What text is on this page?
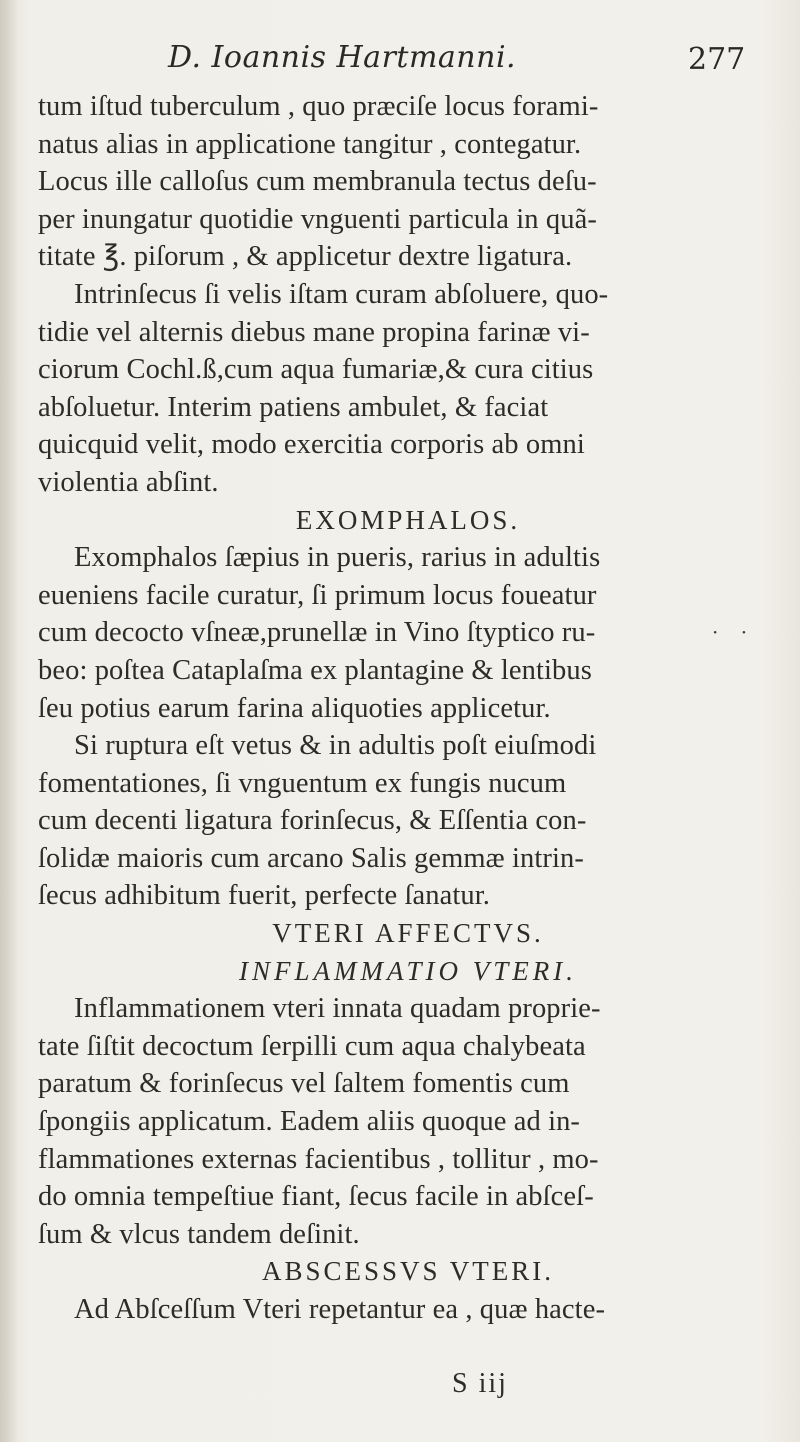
D. Ioannis Hartmanni.	277
tum iſtud tuberculum , quo præciſe locus forami-
natus alias in applicatione tangitur , contegatur.
Locus ille calloſus cum membranula tectus deſu-
per inungatur quotidie vnguenti particula in quã-
titate ℥. piſorum , & applicetur dextre ligatura.
Intrinſecus ſi velis iſtam curam abſoluere, quo-
tidie vel alternis diebus mane propina farinæ vi-
ciorum Cochl.ß,cum aqua fumariæ,& cura citius
abſoluetur. Interim patiens ambulet, & faciat
quicquid velit, modo exercitia corporis ab omni
violentia abſint.
EXOMPHALOS.
Exomphalos ſæpius in pueris, rarius in adultis
eueniens facile curatur, ſi primum locus foueatur
cum decocto vſneæ,prunellæ in Vino ſtyptico ru-
beo: poſtea Cataplaſma ex plantagine & lentibus
ſeu potius earum farina aliquoties applicetur.
Si ruptura eſt vetus & in adultis poſt eiuſmodi
fomentationes, ſi vnguentum ex fungis nucum
cum decenti ligatura forinſecus, & Eſſentia con-
ſolidæ maioris cum arcano Salis gemmæ intrin-
ſecus adhibitum fuerit, perfecte ſanatur.
VTERI AFFECTVS.
INFLAMMATIO VTERI.
Inflammationem vteri innata quadam proprie-
tate ſiſtit decoctum ſerpilli cum aqua chalybeata
paratum & forinſecus vel ſaltem fomentis cum
ſpongiis applicatum. Eadem aliis quoque ad in-
flammationes externas facientibus , tollitur , mo-
do omnia tempeſtiue fiant, ſecus facile in abſceſ-
ſum & vlcus tandem deſinit.
ABSCESSVS VTERI.
Ad Abſceſſum Vteri repetantur ea , quæ hacte-
S iij
· ·
